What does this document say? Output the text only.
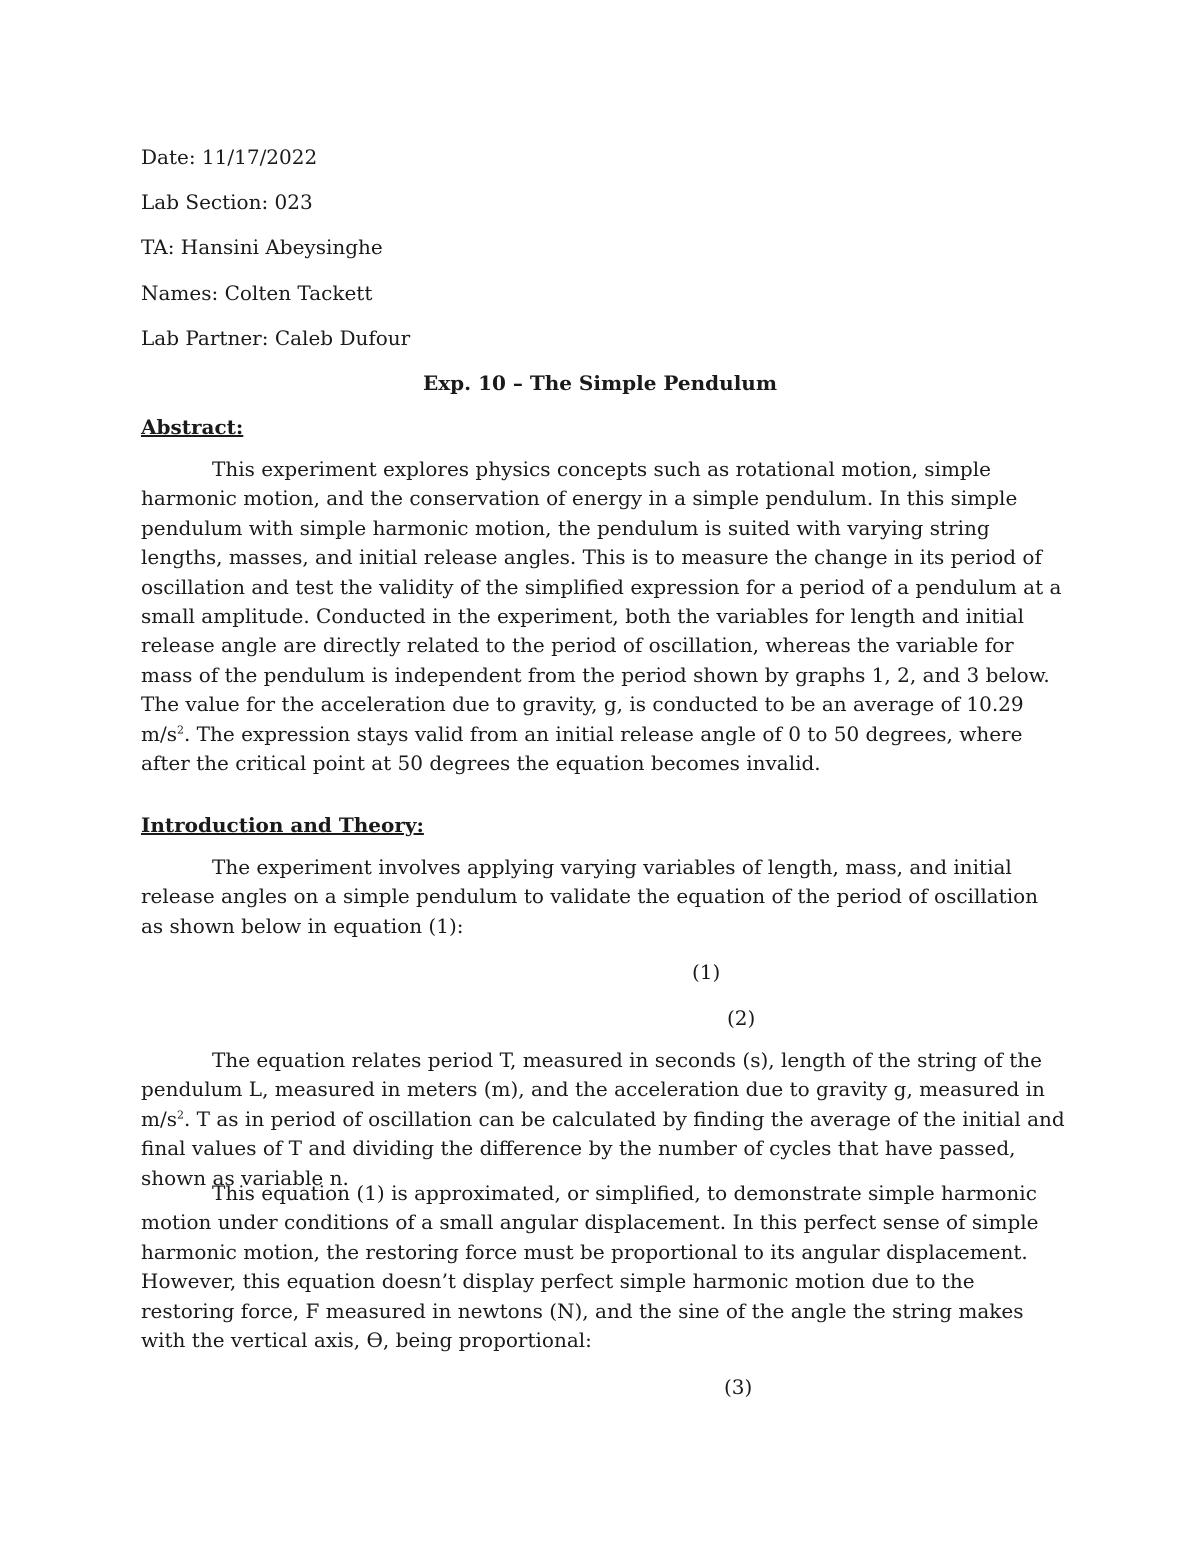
Date: 11/17/2022
Lab Section: 023
TA: Hansini Abeysinghe
Names: Colten Tackett
Lab Partner: Caleb Dufour
Exp. 10 – The Simple Pendulum
Abstract:
This experiment explores physics concepts such as rotational motion, simple harmonic motion, and the conservation of energy in a simple pendulum. In this simple pendulum with simple harmonic motion, the pendulum is suited with varying string lengths, masses, and initial release angles. This is to measure the change in its period of oscillation and test the validity of the simplified expression for a period of a pendulum at a small amplitude. Conducted in the experiment, both the variables for length and initial release angle are directly related to the period of oscillation, whereas the variable for mass of the pendulum is independent from the period shown by graphs 1, 2, and 3 below. The value for the acceleration due to gravity, g, is conducted to be an average of 10.29 $m/s^2$. The expression stays valid from an initial release angle of 0 to 50 degrees, where after the critical point at 50 degrees the equation becomes invalid.
Introduction and Theory:
The experiment involves applying varying variables of length, mass, and initial release angles on a simple pendulum to validate the equation of the period of oscillation as shown below in equation (1):
(1)
(2)
The equation relates period T, measured in seconds (s), length of the string of the pendulum L, measured in meters (m), and the acceleration due to gravity g, measured in $m/s^2$. T as in period of oscillation can be calculated by finding the average of the initial and final values of T and dividing the difference by the number of cycles that have passed, shown as variable n.
This equation (1) is approximated, or simplified, to demonstrate simple harmonic motion under conditions of a small angular displacement. In this perfect sense of simple harmonic motion, the restoring force must be proportional to its angular displacement. However, this equation doesn’t display perfect simple harmonic motion due to the restoring force, F measured in newtons (N), and the sine of the angle the string makes with the vertical axis, ϴ, being proportional:
(3)
